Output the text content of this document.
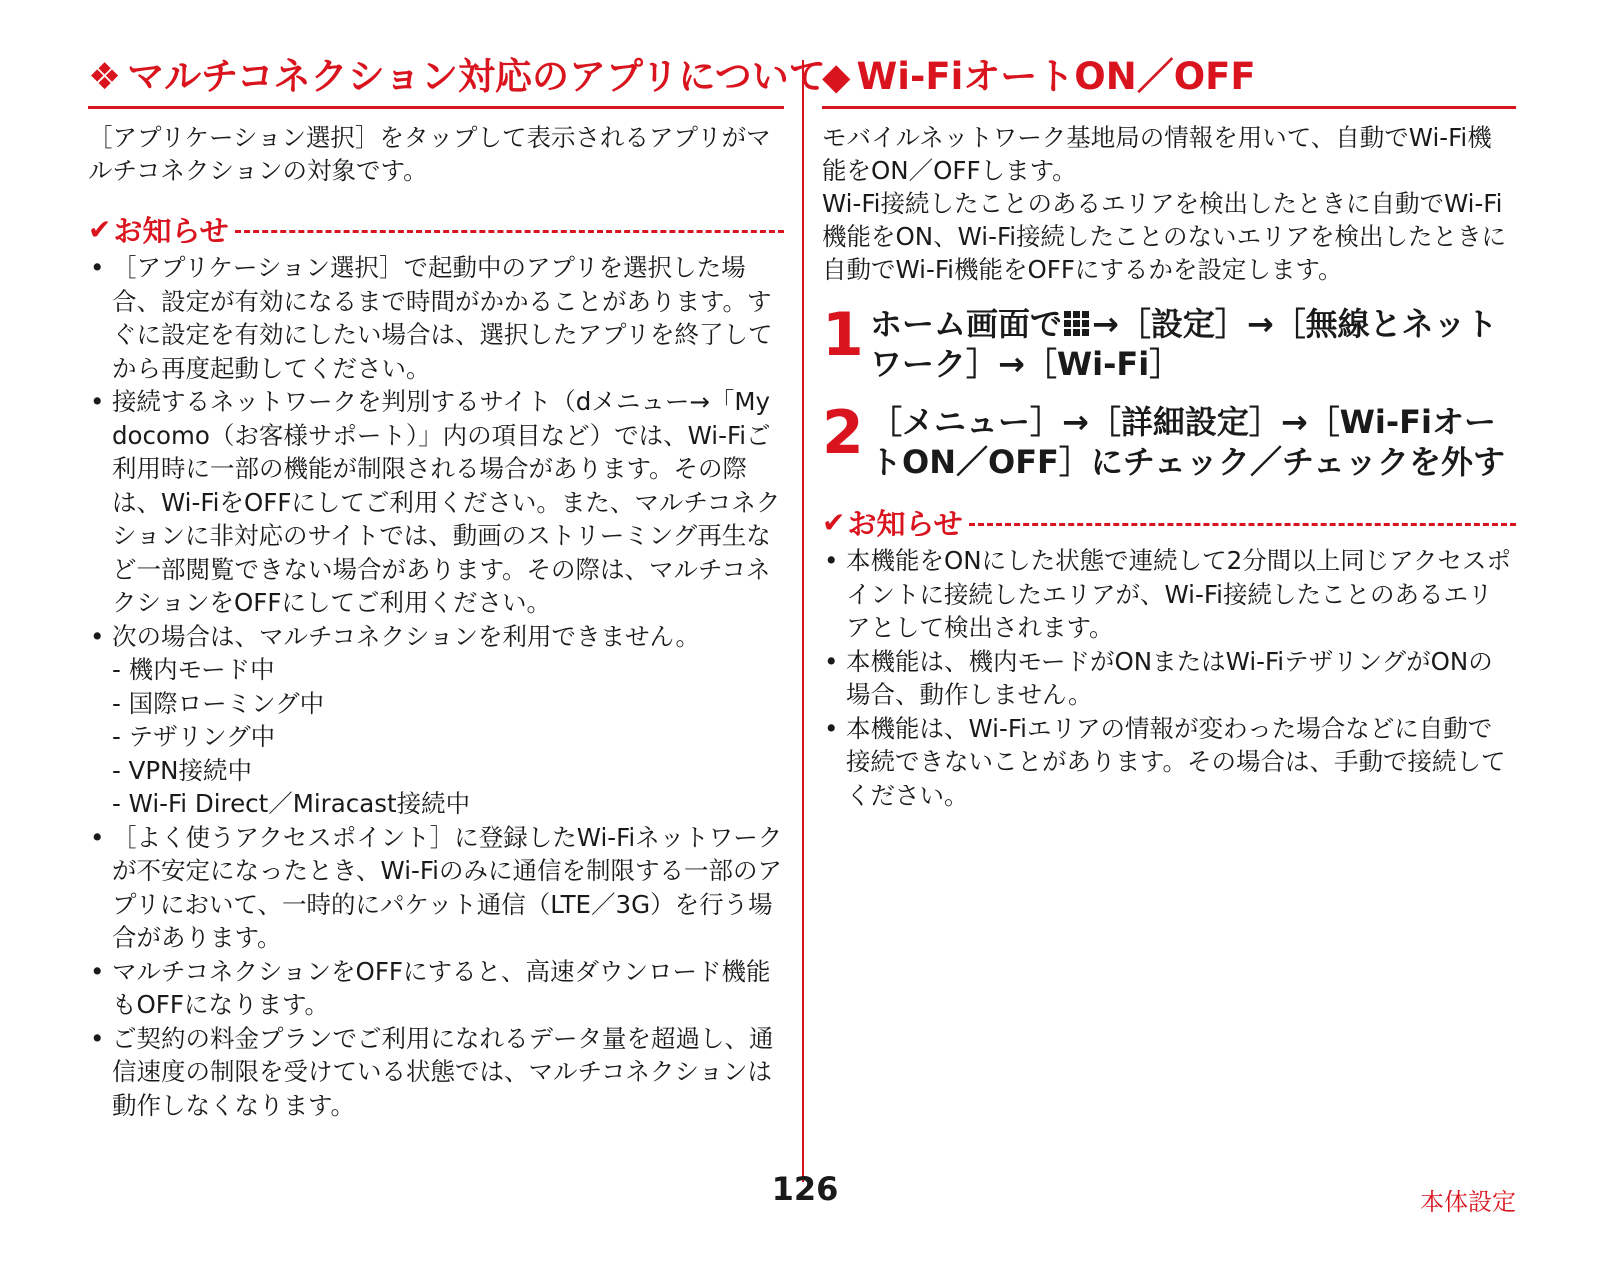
❖ マルチコネクション対応のアプリについて
［アプリケーション選択］をタップして表示されるアプリがマルチコネクションの対象です。
✔ お知らせ
• ［アプリケーション選択］で起動中のアプリを選択した場合、設定が有効になるまで時間がかかることがあります。すぐに設定を有効にしたい場合は、選択したアプリを終了してから再度起動してください。
• 接続するネットワークを判別するサイト（dメニュー→「My docomo（お客様サポート）」内の項目など）では、Wi-Fiご利用時に一部の機能が制限される場合があります。その際は、Wi-FiをOFFにしてご利用ください。また、マルチコネクションに非対応のサイトでは、動画のストリーミング再生など一部閲覧できない場合があります。その際は、マルチコネクションをOFFにしてご利用ください。
• 次の場合は、マルチコネクションを利用できません。
- 機内モード中
- 国際ローミング中
- テザリング中
- VPN接続中
- Wi-Fi Direct／Miracast接続中
• ［よく使うアクセスポイント］に登録したWi-Fiネットワークが不安定になったとき、Wi-Fiのみに通信を制限する一部のアプリにおいて、一時的にパケット通信（LTE／3G）を行う場合があります。
• マルチコネクションをOFFにすると、高速ダウンロード機能もOFFになります。
• ご契約の料金プランでご利用になれるデータ量を超過し、通信速度の制限を受けている状態では、マルチコネクションは動作しなくなります。
◆ Wi-FiオートON／OFF
モバイルネットワーク基地局の情報を用いて、自動でWi-Fi機能をON／OFFします。
Wi-Fi接続したことのあるエリアを検出したときに自動でWi-Fi機能をON、Wi-Fi接続したことのないエリアを検出したときに自動でWi-Fi機能をOFFにするかを設定します。
1 ホーム画面で →［設定］→［無線とネットワーク］→［Wi-Fi］
2 ［メニュー］→［詳細設定］→［Wi-FiオートON／OFF］にチェック／チェックを外す
✔ お知らせ
• 本機能をONにした状態で連続して2分間以上同じアクセスポイントに接続したエリアが、Wi-Fi接続したことのあるエリアとして検出されます。
• 本機能は、機内モードがONまたはWi-FiテザリングがONの場合、動作しません。
• 本機能は、Wi-Fiエリアの情報が変わった場合などに自動で接続できないことがあります。その場合は、手動で接続してください。
126	本体設定
